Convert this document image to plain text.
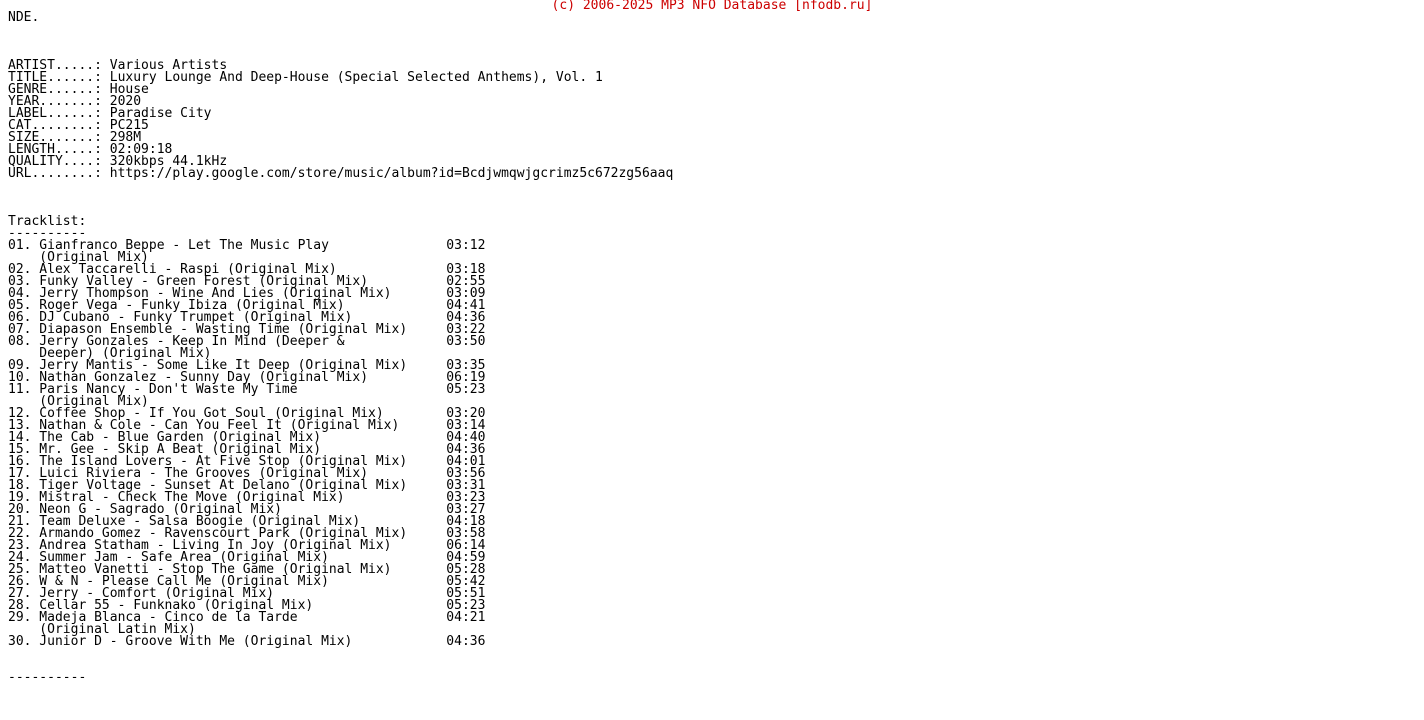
(c) 2006-2025 MP3 NFO Database [nfodb.ru]
NDE.

ARTIST.....: Various Artists
TITLE......: Luxury Lounge And Deep-House (Special Selected Anthems), Vol. 1
GENRE......: House
YEAR.......: 2020
LABEL......: Paradise City
CAT........: PC215
SIZE.......: 298M
LENGTH.....: 02:09:18
QUALITY....: 320kbps 44.1kHz
URL........: https://play.google.com/store/music/album?id=Bcdjwmqwjgcrimz5c672zg56aaq

Tracklist:
----------
01. Gianfranco Beppe - Let The Music Play               03:12
(Original Mix)
02. Alex Taccarelli - Raspi (Original Mix)              03:18
03. Funky Valley - Green Forest (Original Mix)          02:55
04. Jerry Thompson - Wine And Lies (Original Mix)       03:09
05. Roger Vega - Funky Ibiza (Original Mix)             04:41
06. DJ Cubano - Funky Trumpet (Original Mix)            04:36
07. Diapason Ensemble - Wasting Time (Original Mix)     03:22
08. Jerry Gonzales - Keep In Mind (Deeper &             03:50
Deeper) (Original Mix)
09. Jerry Mantis - Some Like It Deep (Original Mix)     03:35
10. Nathan Gonzalez - Sunny Day (Original Mix)          06:19
11. Paris Nancy - Don't Waste My Time                   05:23
(Original Mix)
12. Coffee Shop - If You Got Soul (Original Mix)        03:20
13. Nathan & Cole - Can You Feel It (Original Mix)      03:14
14. The Cab - Blue Garden (Original Mix)                04:40
15. Mr. Gee - Skip A Beat (Original Mix)                04:36
16. The Island Lovers - At Five Stop (Original Mix)     04:01
17. Luici Riviera - The Grooves (Original Mix)          03:56
18. Tiger Voltage - Sunset At Delano (Original Mix)     03:31
19. Mistral - Check The Move (Original Mix)             03:23
20. Neon G - Sagrado (Original Mix)                     03:27
21. Team Deluxe - Salsa Boogie (Original Mix)           04:18
22. Armando Gomez - Ravenscourt Park (Original Mix)     03:58
23. Andrea Statham - Living In Joy (Original Mix)       06:14
24. Summer Jam - Safe Area (Original Mix)               04:59
25. Matteo Vanetti - Stop The Game (Original Mix)       05:28
26. W & N - Please Call Me (Original Mix)               05:42
27. Jerry - Comfort (Original Mix)                      05:51
28. Cellar 55 - Funknako (Original Mix)                 05:23
29. Madeja Blanca - Cinco de la Tarde                   04:21
(Original Latin Mix)
30. Junior D - Groove With Me (Original Mix)            04:36

----------
